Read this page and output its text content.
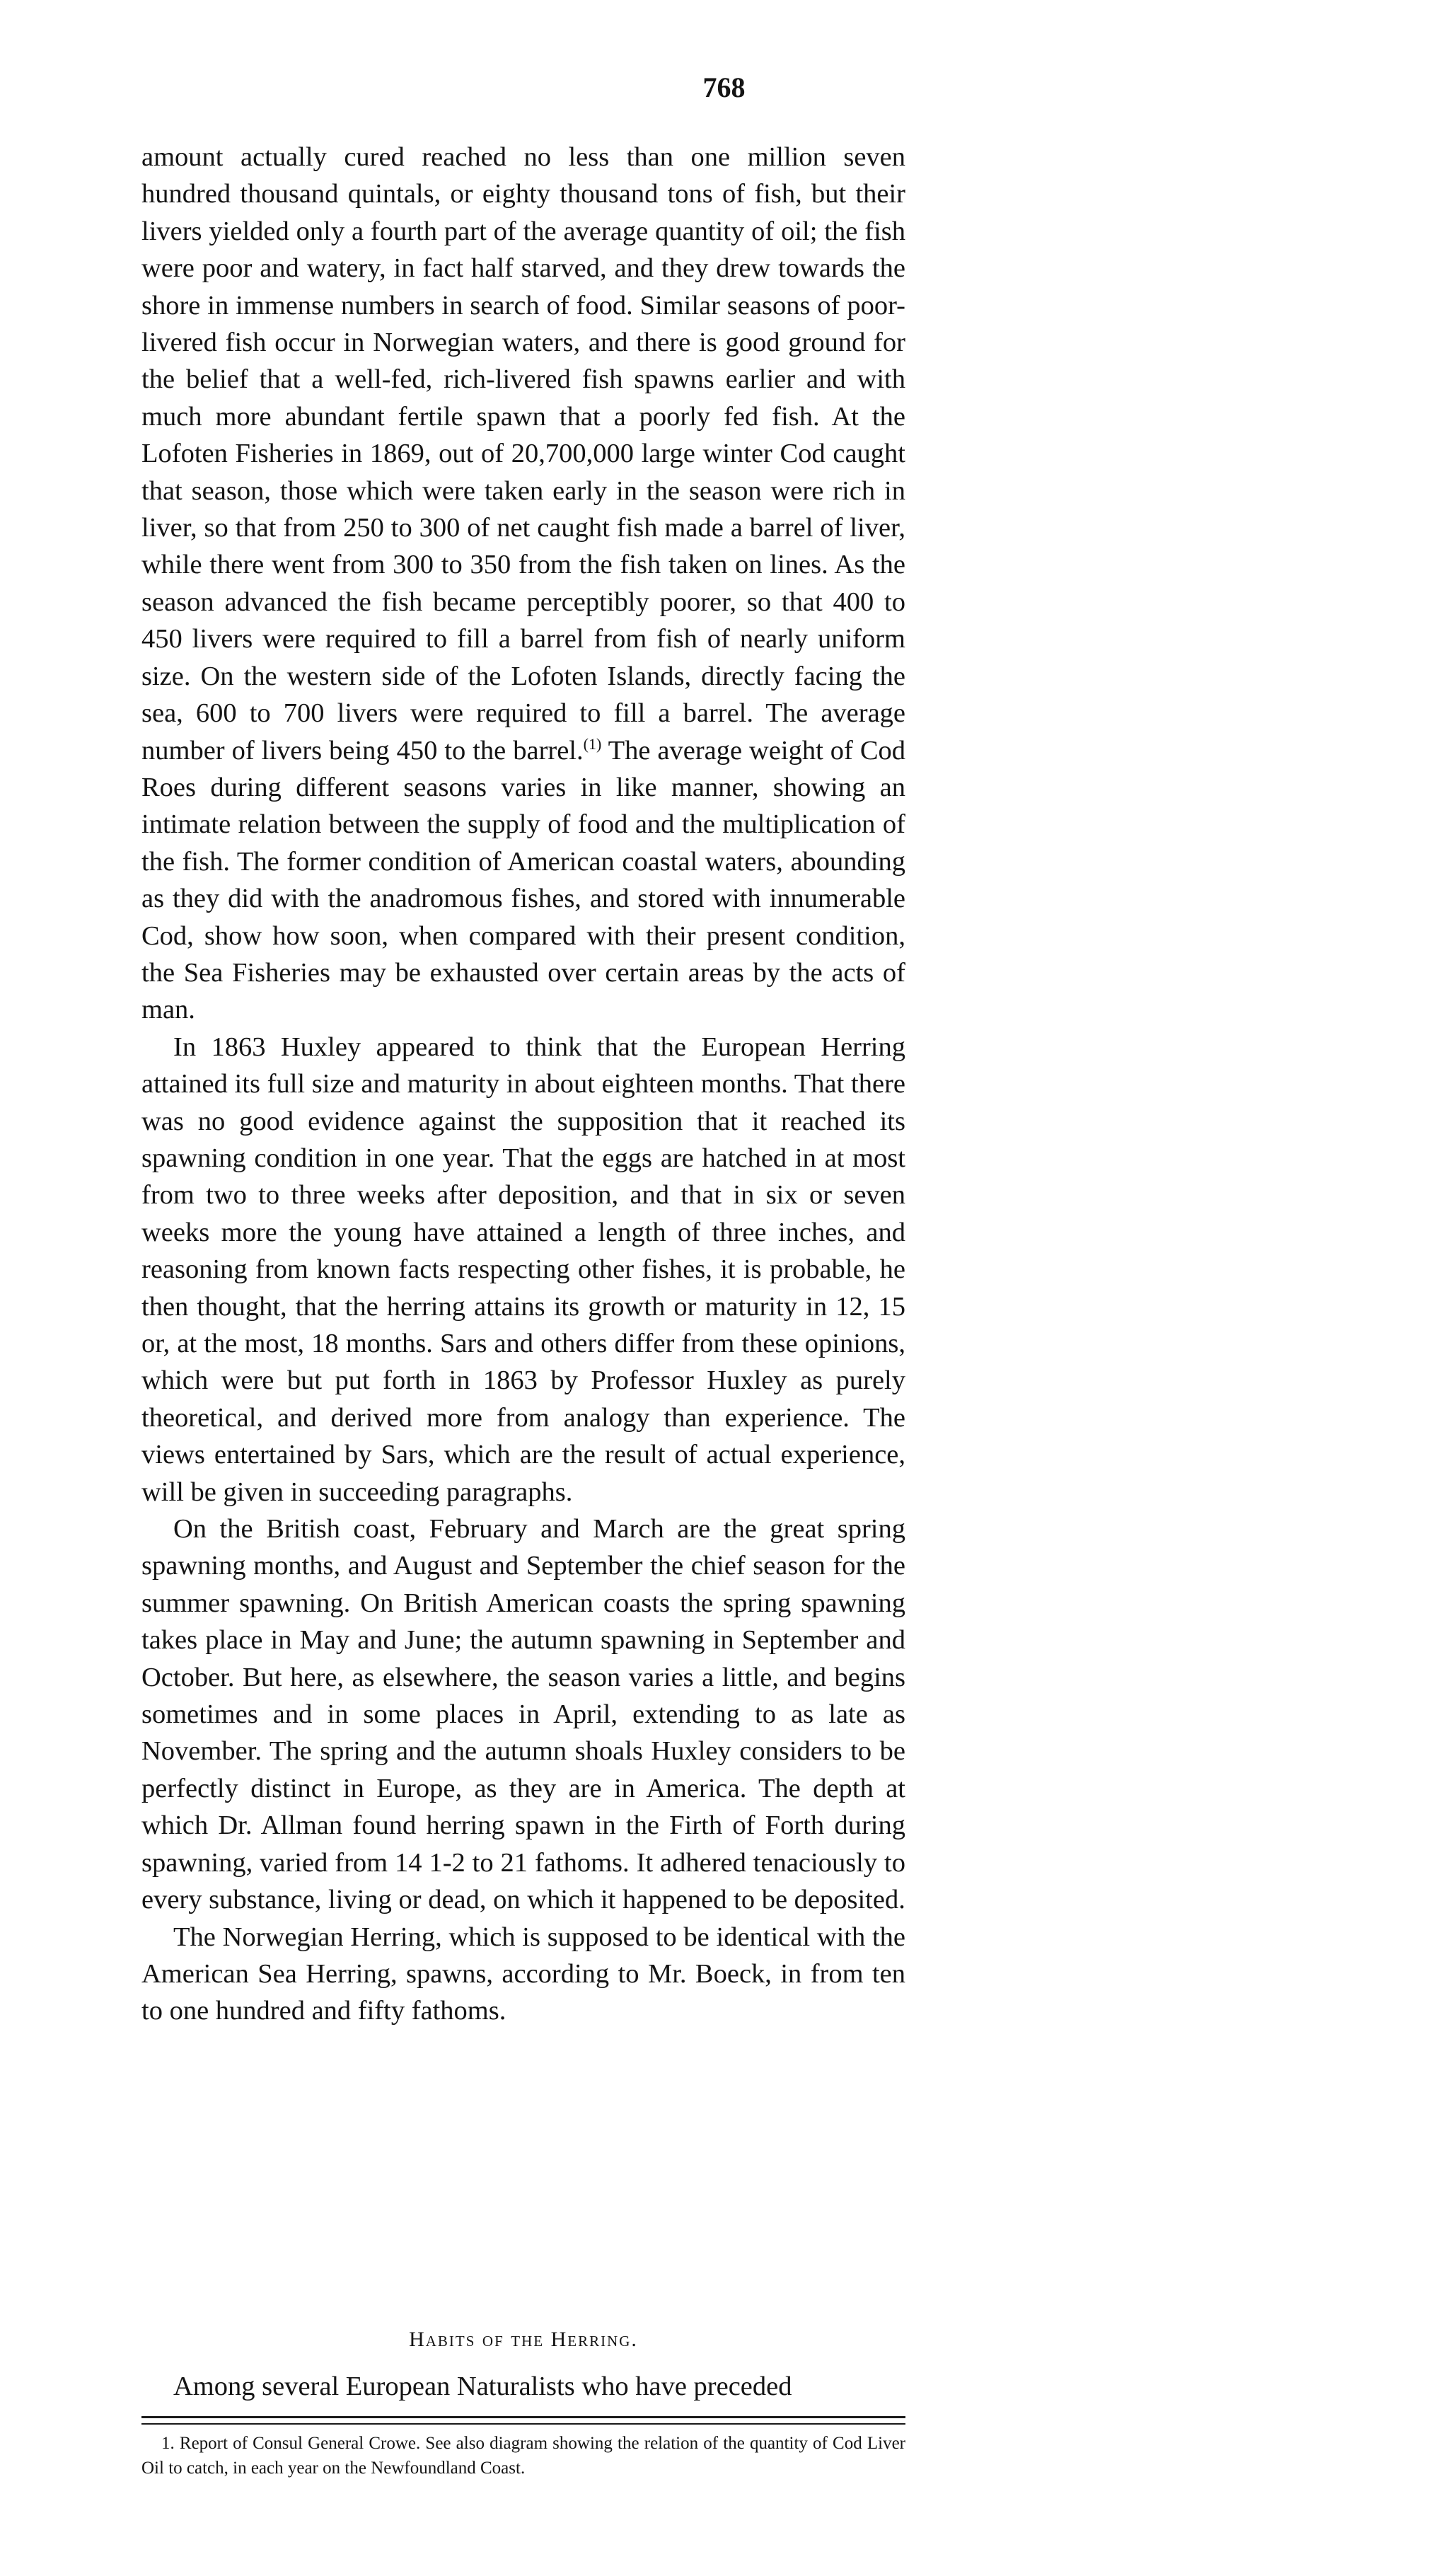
768

amount actually cured reached no less than one million seven hundred thousand quintals, or eighty thousand tons of fish, but their livers yielded only a fourth part of the average quantity of oil; the fish were poor and watery, in fact half starved, and they drew towards the shore in immense numbers in search of food. Similar seasons of poor-livered fish occur in Norwegian waters, and there is good ground for the belief that a well-fed, rich-livered fish spawns earlier and with much more abundant fertile spawn that a poorly fed fish. At the Lofoten Fisheries in 1869, out of 20,700,000 large winter Cod caught that season, those which were taken early in the season were rich in liver, so that from 250 to 300 of net caught fish made a barrel of liver, while there went from 300 to 350 from the fish taken on lines. As the season advanced the fish became perceptibly poorer, so that 400 to 450 livers were required to fill a barrel from fish of nearly uniform size. On the western side of the Lofoten Islands, directly facing the sea, 600 to 700 livers were required to fill a barrel. The average number of livers being 450 to the barrel.$^{(1)}$ The average weight of Cod Roes during different seasons varies in like manner, showing an intimate relation between the supply of food and the multiplication of the fish. The former condition of American coastal waters, abounding as they did with the anadromous fishes, and stored with innumerable Cod, show how soon, when compared with their present condition, the Sea Fisheries may be exhausted over certain areas by the acts of man.

In 1863 Huxley appeared to think that the European Herring attained its full size and maturity in about eighteen months. That there was no good evidence against the supposition that it reached its spawning condition in one year. That the eggs are hatched in at most from two to three weeks after deposition, and that in six or seven weeks more the young have attained a length of three inches, and reasoning from known facts respecting other fishes, it is probable, he then thought, that the herring attains its growth or maturity in 12, 15 or, at the most, 18 months. Sars and others differ from these opinions, which were but put forth in 1863 by Professor Huxley as purely theoretical, and derived more from analogy than experience. The views entertained by Sars, which are the result of actual experience, will be given in succeeding paragraphs.

On the British coast, February and March are the great spring spawning months, and August and September the chief season for the summer spawning. On British American coasts the spring spawning takes place in May and June; the autumn spawning in September and October. But here, as elsewhere, the season varies a little, and begins sometimes and in some places in April, extending to as late as November. The spring and the autumn shoals Huxley considers to be perfectly distinct in Europe, as they are in America. The depth at which Dr. Allman found herring spawn in the Firth of Forth during spawning, varied from 14 1-2 to 21 fathoms. It adhered tenaciously to every substance, living or dead, on which it happened to be deposited.

The Norwegian Herring, which is supposed to be identical with the American Sea Herring, spawns, according to Mr. Boeck, in from ten to one hundred and fifty fathoms.

Habits of the Herring.
Among several European Naturalists who have preceded
1. Report of Consul General Crowe. See also diagram showing the relation of the quantity of Cod Liver Oil to catch, in each year on the Newfoundland Coast.
